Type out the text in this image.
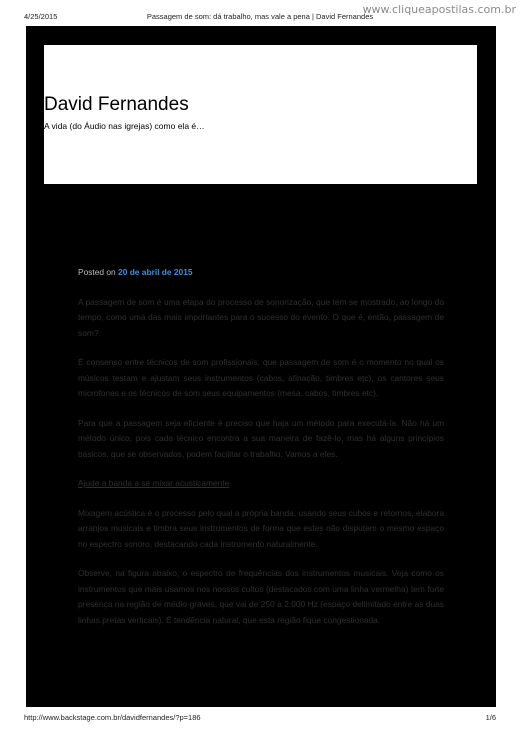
4/25/2015	Passagem de som: dá trabalho, mas vale a pena | David Fernandes
www.cliqueapostilas.com.br
David Fernandes
A vida (do Áudio nas igrejas) como ela é…
Posted on 20 de abril de 2015

A passagem de som é uma etapa do processo de sonorização, que tem se mostrado, ao longo do tempo, como uma das mais importantes para o sucesso do evento. O que é, então, passagem de som?

É consenso entre técnicos de som profissionais, que passagem de som é o momento no qual os músicos testam e ajustam seus instrumentos (cabos, afinação, timbres etc), os cantores seus microfones e os técnicos de som seus equipamentos (mesa, cabos, timbres etc).

Para que a passagem seja eficiente é preciso que haja um método para executá-la. Não há um método único, pois cada técnico encontra a sua maneira de fazê-lo, mas há alguns princípios básicos, que se observados, podem facilitar o trabalho. Vamos a eles.

Ajude a banda a se mixar acusticamente

Mixagem acústica é o processo pelo qual a própria banda, usando seus cubos e retornos, elabora arranjos musicais e timbra seus instrumentos de forma que estes não disputem o mesmo espaço no espectro sonoro, destacando cada instrumento naturalmente.

Observe, na figura abaixo, o espectro de frequências dos instrumentos musicais. Veja como os instrumentos que mais usamos nos nossos cultos (destacados com uma linha vermelha) tem forte presença na região de médio-graves, que vai de 250 a 2.000 Hz (espaço delimitado entre as duas linhas pretas verticais). É tendência natural, que esta região fique congestionada.

http://www.backstage.com.br/davidfernandes/?p=186	1/6
